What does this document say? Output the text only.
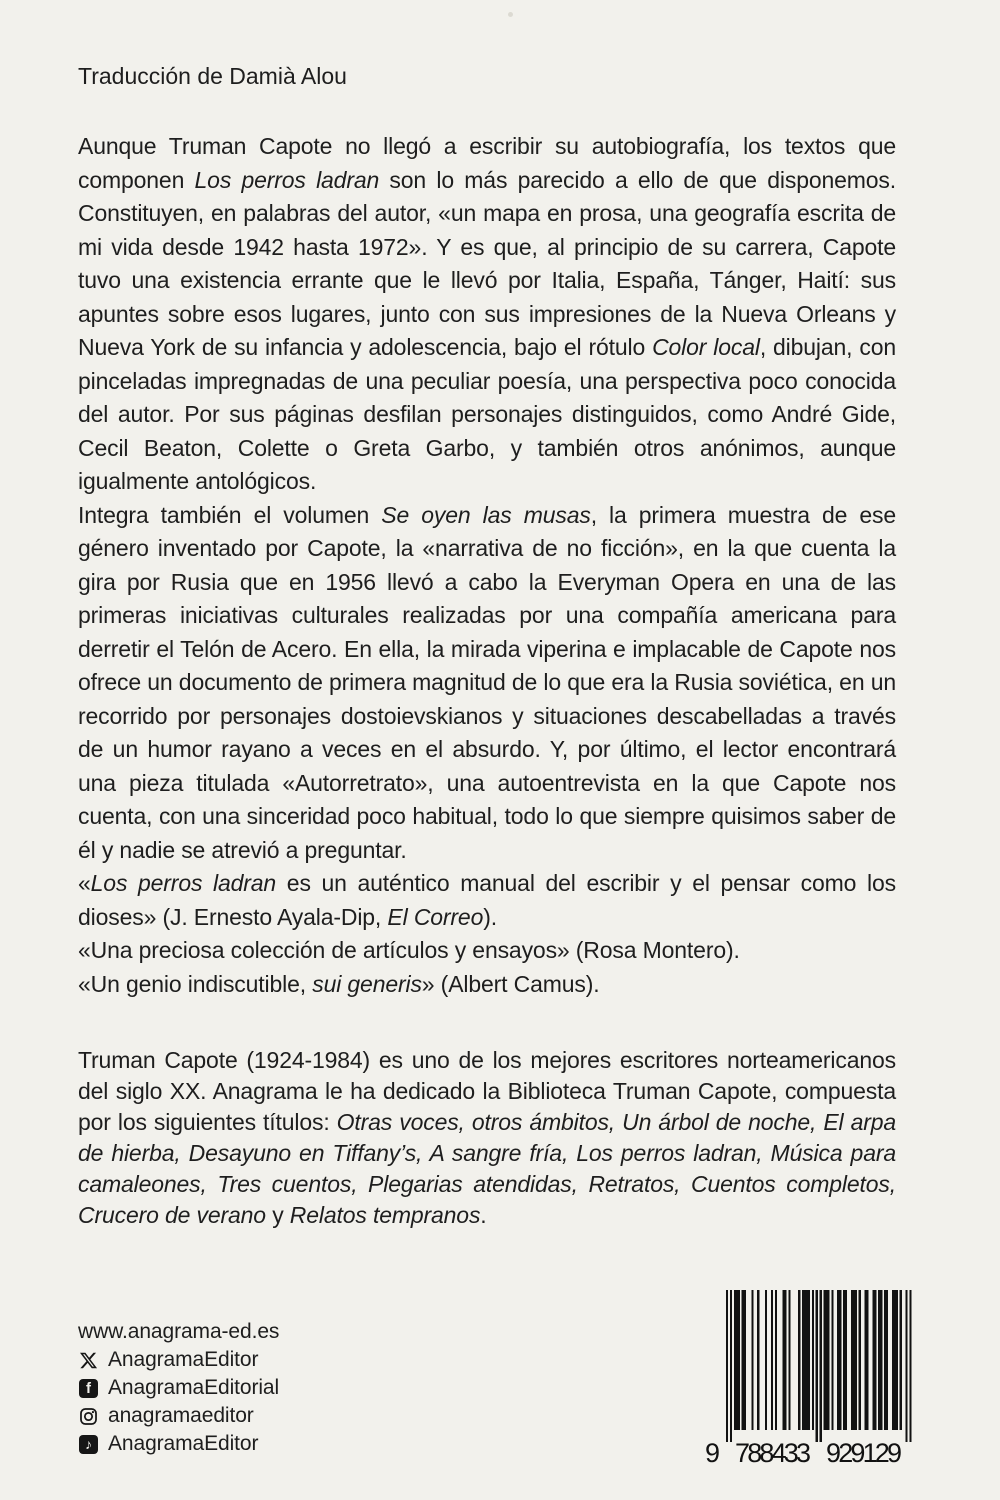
Traducción de Damià Alou

Aunque Truman Capote no llegó a escribir su autobiografía, los textos que componen Los perros ladran son lo más parecido a ello de que disponemos. Constituyen, en palabras del autor, «un mapa en prosa, una geografía escrita de mi vida desde 1942 hasta 1972». Y es que, al principio de su carrera, Capote tuvo una existencia errante que le llevó por Italia, España, Tánger, Haití: sus apuntes sobre esos lugares, junto con sus impresiones de la Nueva Orleans y Nueva York de su infancia y adolescencia, bajo el rótulo Color local, dibujan, con pinceladas impregnadas de una peculiar poesía, una perspectiva poco conocida del autor. Por sus páginas desfilan personajes distinguidos, como André Gide, Cecil Beaton, Colette o Greta Garbo, y también otros anónimos, aunque igualmente antológicos.

Integra también el volumen Se oyen las musas, la primera muestra de ese género inventado por Capote, la «narrativa de no ficción», en la que cuenta la gira por Rusia que en 1956 llevó a cabo la Everyman Opera en una de las primeras iniciativas culturales realizadas por una compañía americana para derretir el Telón de Acero. En ella, la mirada viperina e implacable de Capote nos ofrece un documento de primera magnitud de lo que era la Rusia soviética, en un recorrido por personajes dostoievskianos y situaciones descabelladas a través de un humor rayano a veces en el absurdo. Y, por último, el lector encontrará una pieza titulada «Autorretrato», una autoentrevista en la que Capote nos cuenta, con una sinceridad poco habitual, todo lo que siempre quisimos saber de él y nadie se atrevió a preguntar.

«Los perros ladran es un auténtico manual del escribir y el pensar como los dioses» (J. Ernesto Ayala-Dip, El Correo).

«Una preciosa colección de artículos y ensayos» (Rosa Montero).

«Un genio indiscutible, sui generis» (Albert Camus).

Truman Capote (1924-1984) es uno de los mejores escritores norteamericanos del siglo XX. Anagrama le ha dedicado la Biblioteca Truman Capote, compuesta por los siguientes títulos: Otras voces, otros ámbitos, Un árbol de noche, El arpa de hierba, Desayuno en Tiffany’s, A sangre fría, Los perros ladran, Música para camaleones, Tres cuentos, Plegarias atendidas, Retratos, Cuentos completos, Crucero de verano y Relatos tempranos.

www.anagrama-ed.es
AnagramaEditor
f AnagramaEditorial
anagramaeditor
♪ AnagramaEditor	9 788433 929129
